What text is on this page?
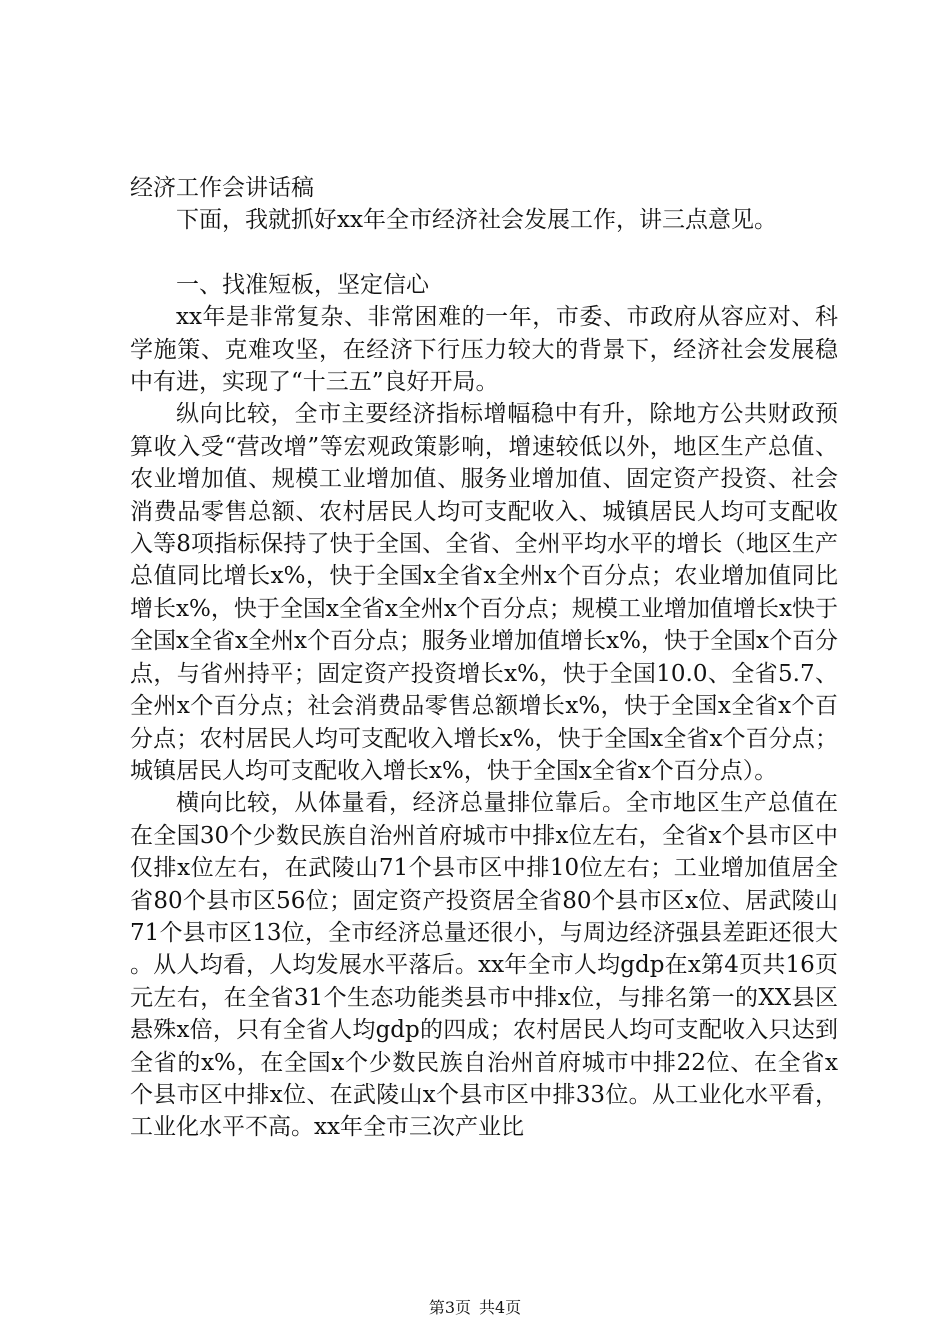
经济工作会讲话稿

下面，我就抓好xx年全市经济社会发展工作，讲三点意见。

一、找准短板，坚定信心

xx年是非常复杂、非常困难的一年，市委、市政府从容应对、科学施策、克难攻坚，在经济下行压力较大的背景下，经济社会发展稳中有进，实现了“十三五”良好开局。

纵向比较，全市主要经济指标增幅稳中有升，除地方公共财政预算收入受“营改增”等宏观政策影响，增速较低以外，地区生产总值、农业增加值、规模工业增加值、服务业增加值、固定资产投资、社会消费品零售总额、农村居民人均可支配收入、城镇居民人均可支配收入等8项指标保持了快于全国、全省、全州平均水平的增长（地区生产总值同比增长x%，快于全国x全省x全州x个百分点；农业增加值同比增长x%，快于全国x全省x全州x个百分点；规模工业增加值增长x快于全国x全省x全州x个百分点；服务业增加值增长x%，快于全国x个百分点，与省州持平；固定资产投资增长x%，快于全国10.0、全省5.7、全州x个百分点；社会消费品零售总额增长x%，快于全国x全省x个百分点；农村居民人均可支配收入增长x%，快于全国x全省x个百分点；城镇居民人均可支配收入增长x%，快于全国x全省x个百分点）。

横向比较，从体量看，经济总量排位靠后。全市地区生产总值在在全国30个少数民族自治州首府城市中排x位左右，全省x个县市区中仅排x位左右，在武陵山71个县市区中排10位左右；工业增加值居全省80个县市区56位；固定资产投资居全省80个县市区x位、居武陵山71个县市区13位，全市经济总量还很小，与周边经济强县差距还很大。从人均看，人均发展水平落后。xx年全市人均gdp在x第4页共16页元左右，在全省31个生态功能类县市中排x位，与排名第一的XX县区悬殊x倍，只有全省人均gdp的四成；农村居民人均可支配收入只达到全省的x%，在全国x个少数民族自治州首府城市中排22位、在全省x个县市区中排x位、在武陵山x个县市区中排33位。从工业化水平看，工业化水平不高。xx年全市三次产业比

第3页 共4页
